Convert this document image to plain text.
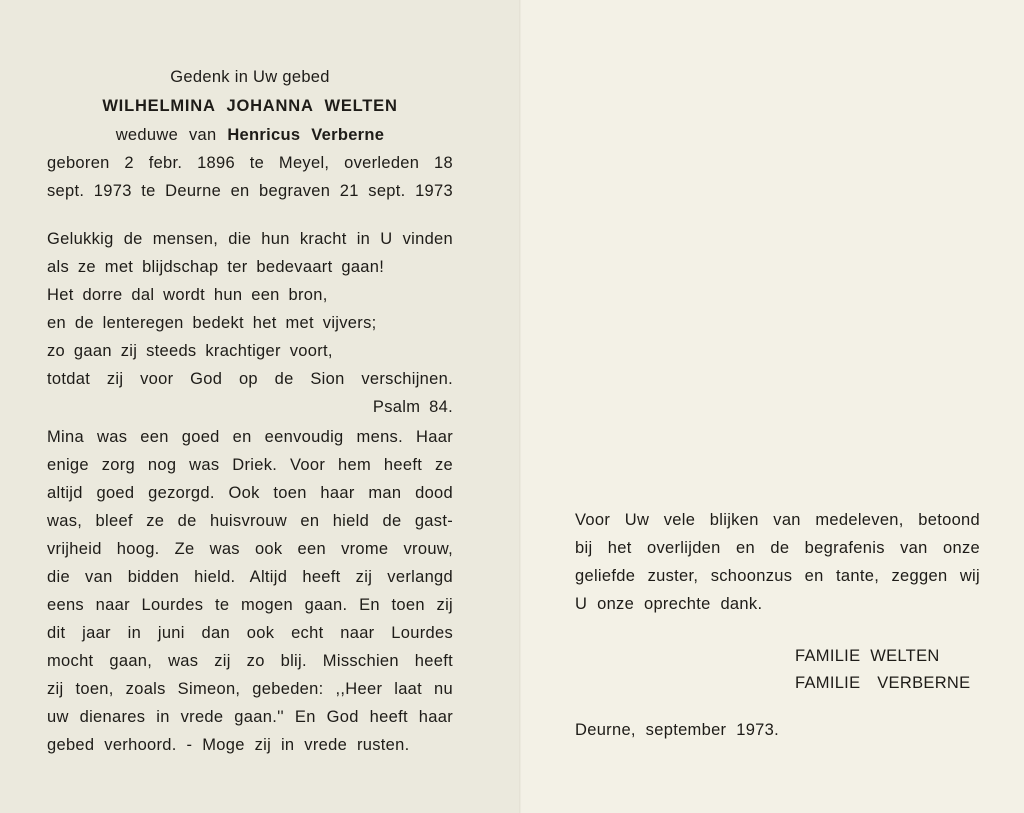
Gedenk in Uw gebed
WILHELMINA JOHANNA WELTEN
weduwe van Henricus Verberne
geboren 2 febr. 1896 te Meyel, overleden 18
sept. 1973 te Deurne en begraven 21 sept. 1973
Gelukkig de mensen, die hun kracht in U vinden
als ze met blijdschap ter bedevaart gaan!
Het dorre dal wordt hun een bron,
en de lenteregen bedekt het met vijvers;
zo gaan zij steeds krachtiger voort,
totdat zij voor God op de Sion verschijnen.
Psalm 84.
Mina was een goed en eenvoudig mens. Haar
enige zorg nog was Driek. Voor hem heeft ze
altijd goed gezorgd. Ook toen haar man dood
was, bleef ze de huisvrouw en hield de gast-
vrijheid hoog. Ze was ook een vrome vrouw,
die van bidden hield. Altijd heeft zij verlangd
eens naar Lourdes te mogen gaan. En toen zij
dit jaar in juni dan ook echt naar Lourdes
mocht gaan, was zij zo blij. Misschien heeft
zij toen, zoals Simeon, gebeden: ,,Heer laat nu
uw dienares in vrede gaan.'' En God heeft haar
gebed verhoord. - Moge zij in vrede rusten.
Voor Uw vele blijken van medeleven, betoond
bij het overlijden en de begrafenis van onze
geliefde zuster, schoonzus en tante, zeggen wij
U onze oprechte dank.
FAMILIE WELTEN
FAMILIE VERBERNE
Deurne, september 1973.
